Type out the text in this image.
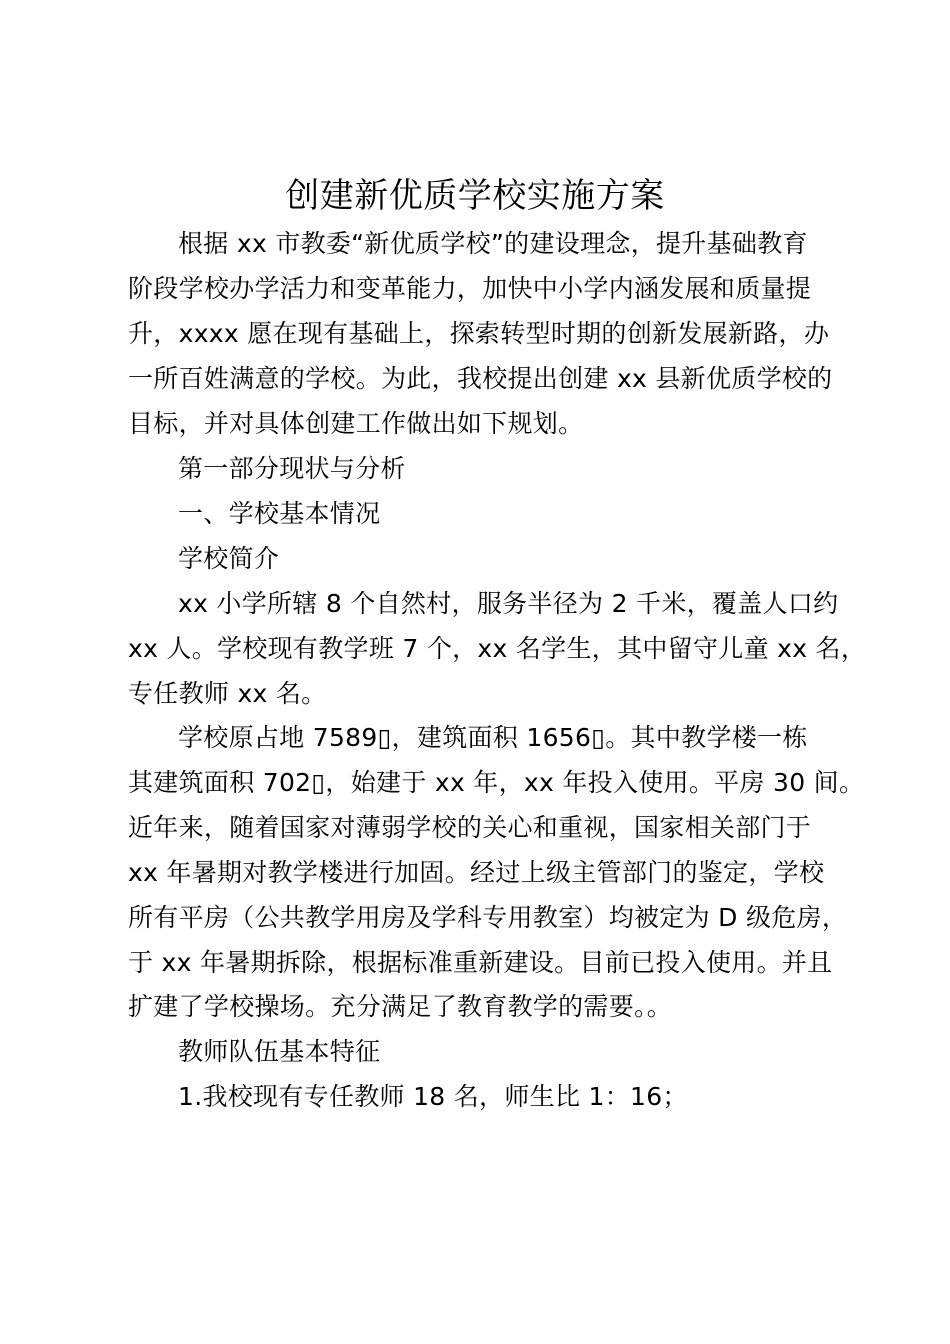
创建新优质学校实施方案
根据 xx 市教委“新优质学校”的建设理念，提升基础教育
阶段学校办学活力和变革能力，加快中小学内涵发展和质量提
升，xxxx 愿在现有基础上，探索转型时期的创新发展新路，办
一所百姓满意的学校。为此，我校提出创建 xx 县新优质学校的
目标，并对具体创建工作做出如下规划。
第一部分现状与分析
一、学校基本情况
学校简介
xx 小学所辖 8 个自然村，服务半径为 2 千米，覆盖人口约
xx 人。学校现有教学班 7 个，xx 名学生，其中留守儿童 xx 名，
专任教师 xx 名。
学校原占地 7589▯，建筑面积 1656▯。其中教学楼一栋
其建筑面积 702▯，始建于 xx 年，xx 年投入使用。平房 30 间。
近年来，随着国家对薄弱学校的关心和重视，国家相关部门于
xx 年暑期对教学楼进行加固。经过上级主管部门的鉴定，学校
所有平房（公共教学用房及学科专用教室）均被定为 D 级危房，
于 xx 年暑期拆除，根据标准重新建设。目前已投入使用。并且
扩建了学校操场。充分满足了教育教学的需要。。
教师队伍基本特征
1.我校现有专任教师 18 名，师生比 1：16；
